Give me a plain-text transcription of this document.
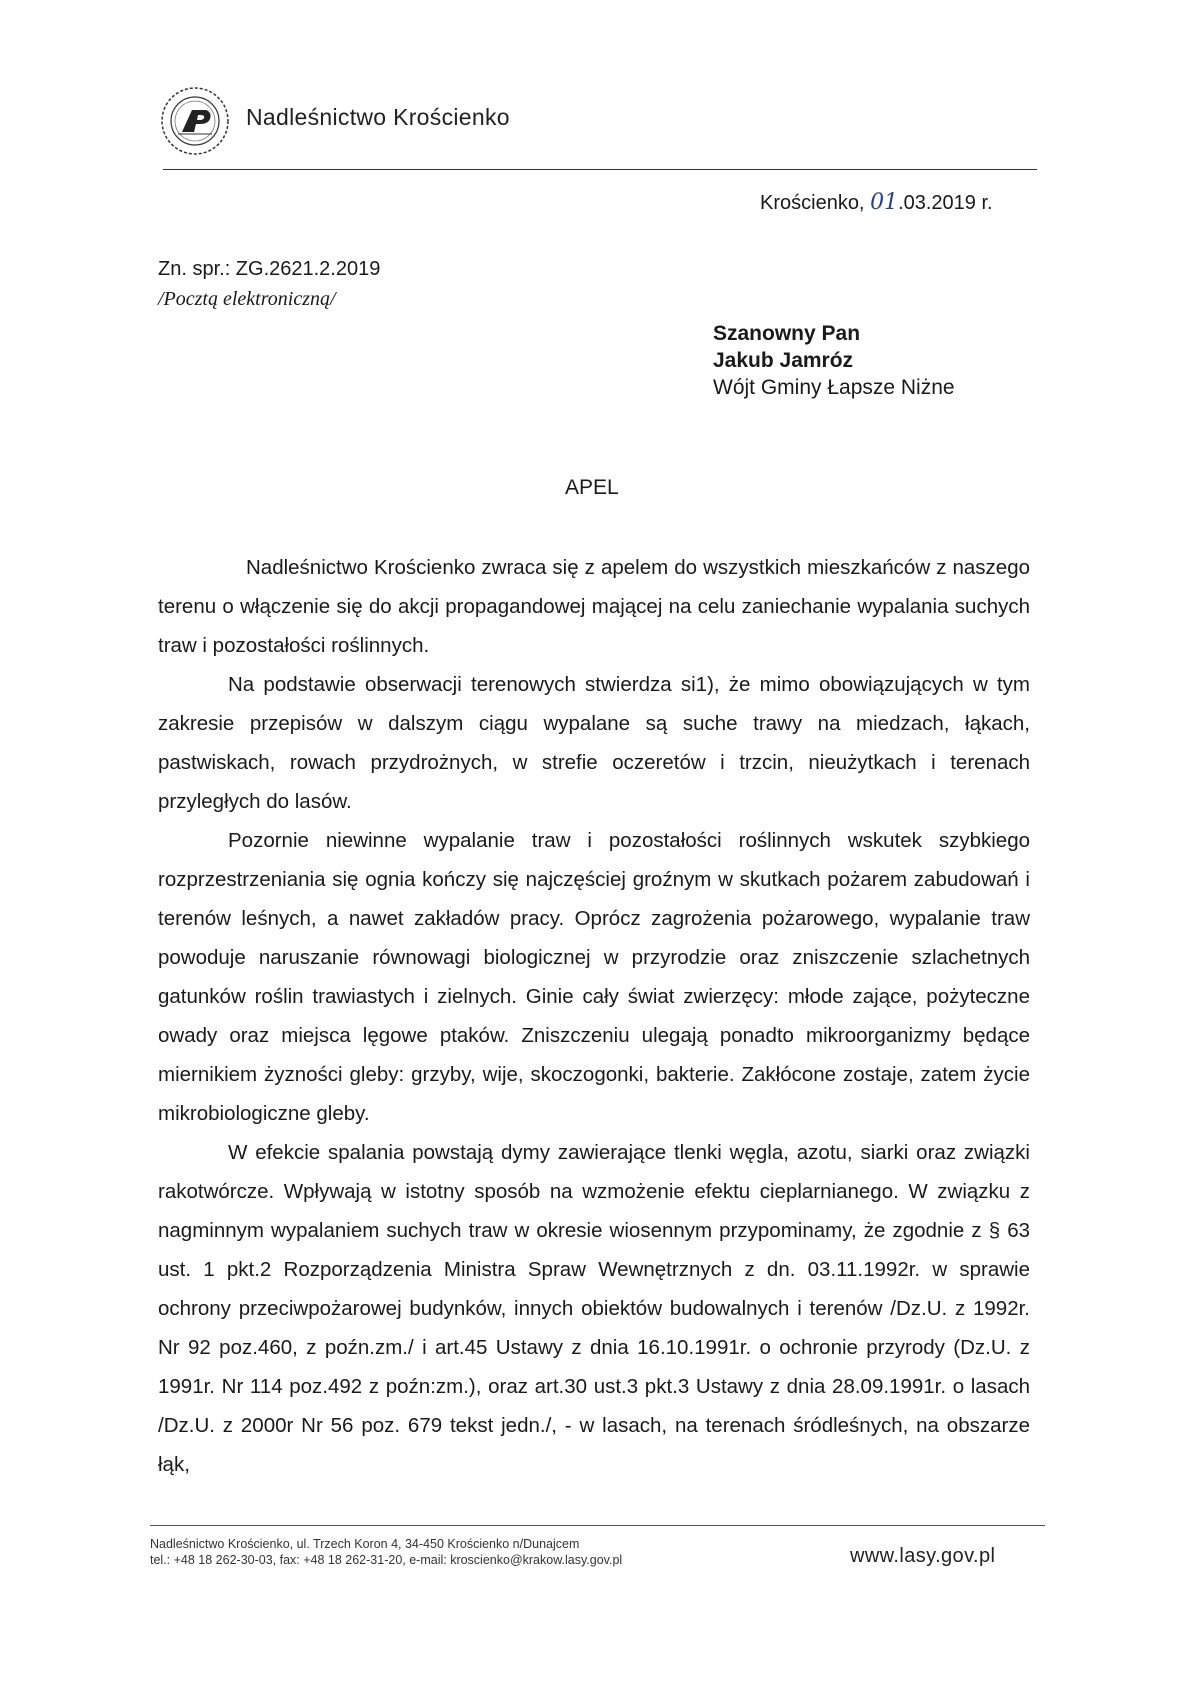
Nadleśnictwo Krościenko
Krościenko, 01.03.2019 r.
Zn. spr.: ZG.2621.2.2019
/Pocztą elektroniczną/
Szanowny Pan
Jakub Jamróz
Wójt Gminy Łapsze Niżne
APEL

Nadleśnictwo Krościenko zwraca się z apelem do wszystkich mieszkańców z naszego terenu o włączenie się do akcji propagandowej mającej na celu zaniechanie wypalania suchych traw i pozostałości roślinnych.

Na podstawie obserwacji terenowych stwierdza si1), że mimo obowiązujących w tym zakresie przepisów w dalszym ciągu wypalane są suche trawy na miedzach, łąkach, pastwiskach, rowach przydrożnych, w strefie oczeretów i trzcin, nieużytkach i terenach przyległych do lasów.

Pozornie niewinne wypalanie traw i pozostałości roślinnych wskutek szybkiego rozprzestrzeniania się ognia kończy się najczęściej groźnym w skutkach pożarem zabudowań i terenów leśnych, a nawet zakładów pracy. Oprócz zagrożenia pożarowego, wypalanie traw powoduje naruszanie równowagi biologicznej w przyrodzie oraz zniszczenie szlachetnych gatunków roślin trawiastych i zielnych. Ginie cały świat zwierzęcy: młode zające, pożyteczne owady oraz miejsca lęgowe ptaków. Zniszczeniu ulegają ponadto mikroorganizmy będące miernikiem żyzności gleby: grzyby, wije, skoczogonki, bakterie. Zakłócone zostaje, zatem życie mikrobiologiczne gleby.

W efekcie spalania powstają dymy zawierające tlenki węgla, azotu, siarki oraz związki rakotwórcze. Wpływają w istotny sposób na wzmożenie efektu cieplarnianego. W związku z nagminnym wypalaniem suchych traw w okresie wiosennym przypominamy, że zgodnie z § 63 ust. 1 pkt.2 Rozporządzenia Ministra Spraw Wewnętrznych z dn. 03.11.1992r. w sprawie ochrony przeciwpożarowej budynków, innych obiektów budowalnych i terenów /Dz.U. z 1992r. Nr 92 poz.460, z poźn.zm./ i art.45 Ustawy z dnia 16.10.1991r. o ochronie przyrody (Dz.U. z 1991r. Nr 114 poz.492 z poźn:zm.), oraz art.30 ust.3 pkt.3 Ustawy z dnia 28.09.1991r. o lasach /Dz.U. z 2000r Nr 56 poz. 679 tekst jedn./, - w lasach, na terenach śródleśnych, na obszarze łąk,

Nadleśnictwo Krościenko, ul. Trzech Koron 4, 34-450 Krościenko n/Dunajcem
tel.: +48 18 262-30-03, fax: +48 18 262-31-20, e-mail: kroscienko@krakow.lasy.gov.pl	www.lasy.gov.pl
